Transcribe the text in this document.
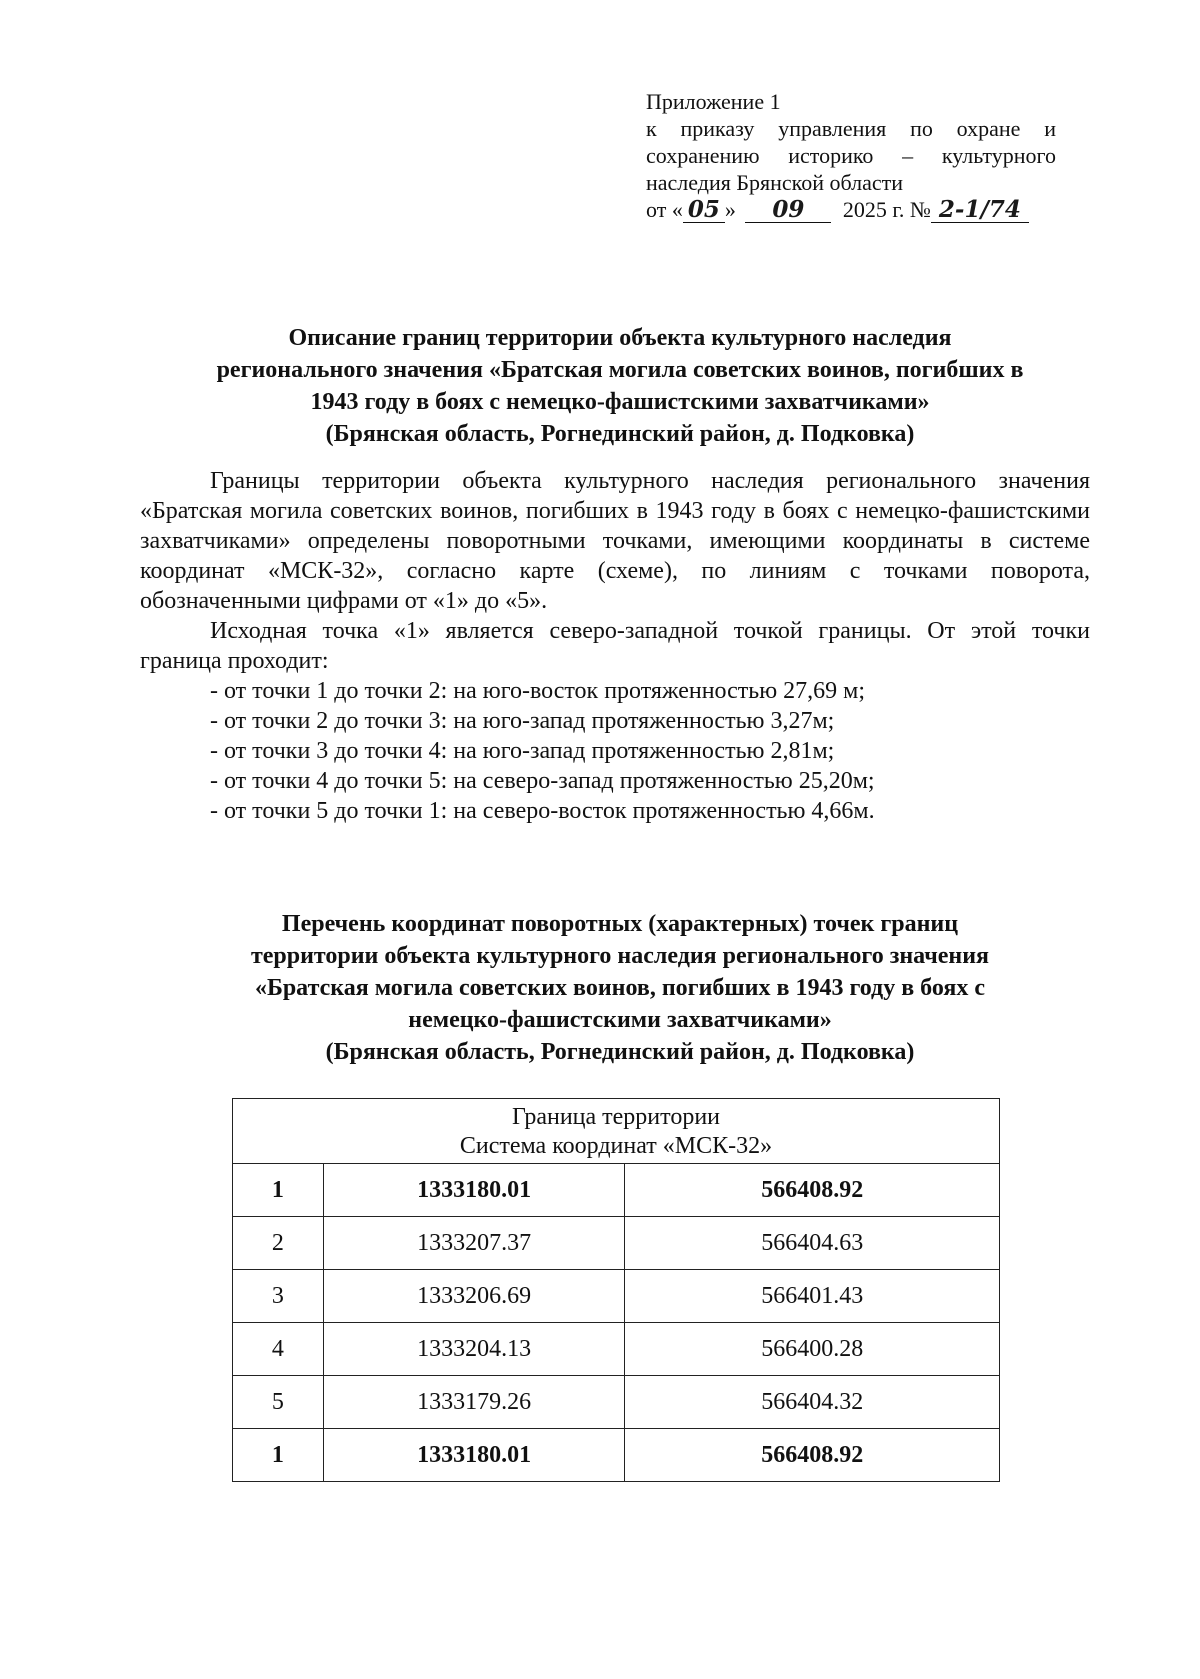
Приложение 1
к приказу управления по охране и
сохранению историко – культурного
наследия Брянской области
от « 05 » 09 2025 г. № 2-1/74
Описание границ территории объекта культурного наследия
регионального значения «Братская могила советских воинов, погибших в
1943 году в боях с немецко-фашистскими захватчиками»
(Брянская область, Рогнединский район, д. Подковка)

Границы территории объекта культурного наследия регионального значения «Братская могила советских воинов, погибших в 1943 году в боях с немецко-фашистскими захватчиками» определены поворотными точками, имеющими координаты в системе координат «МСК-32», согласно карте (схеме), по линиям с точками поворота, обозначенными цифрами от «1» до «5».

Исходная точка «1» является северо-западной точкой границы. От этой точки граница проходит:

- от точки 1 до точки 2: на юго-восток протяженностью 27,69 м;
- от точки 2 до точки 3: на юго-запад протяженностью 3,27м;
- от точки 3 до точки 4: на юго-запад протяженностью 2,81м;
- от точки 4 до точки 5: на северо-запад протяженностью 25,20м;
- от точки 5 до точки 1: на северо-восток протяженностью 4,66м.
Перечень координат поворотных (характерных) точек границ
территории объекта культурного наследия регионального значения
«Братская могила советских воинов, погибших в 1943 году в боях с
немецко-фашистскими захватчиками»
(Брянская область, Рогнединский район, д. Подковка)
Граница территории
Система координат «МСК-32»		

1	1333180.01	566408.92
2	1333207.37	566404.63
3	1333206.69	566401.43
4	1333204.13	566400.28
5	1333179.26	566404.32
1	1333180.01	566408.92
